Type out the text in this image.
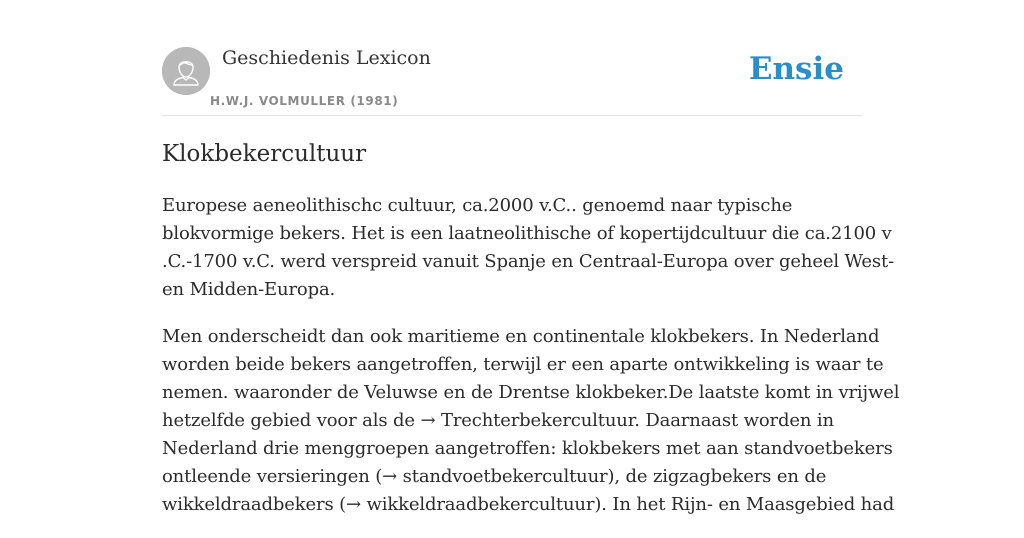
Geschiedenis Lexicon
H.W.J. VOLMULLER (1981)
Ensie
Klokbekercultuur

Europese aeneolithischc cultuur, ca.2000 v.C.. genoemd naar typische
blokvormige bekers. Het is een laatneolithische of kopertijdcultuur die ca.2100 v
.C.-1700 v.C. werd verspreid vanuit Spanje en Centraal-Europa over geheel West-
en Midden-Europa.

Men onderscheidt dan ook maritieme en continentale klokbekers. In Nederland
worden beide bekers aangetroffen, terwijl er een aparte ontwikkeling is waar te
nemen. waaronder de Veluwse en de Drentse klokbeker.De laatste komt in vrijwel
hetzelfde gebied voor als de → Trechterbekercultuur. Daarnaast worden in
Nederland drie menggroepen aangetroffen: klokbekers met aan standvoetbekers
ontleende versieringen (→ standvoetbekercultuur), de zigzagbekers en de
wikkeldraadbekers (→ wikkeldraadbekercultuur). In het Rijn- en Maasgebied had
